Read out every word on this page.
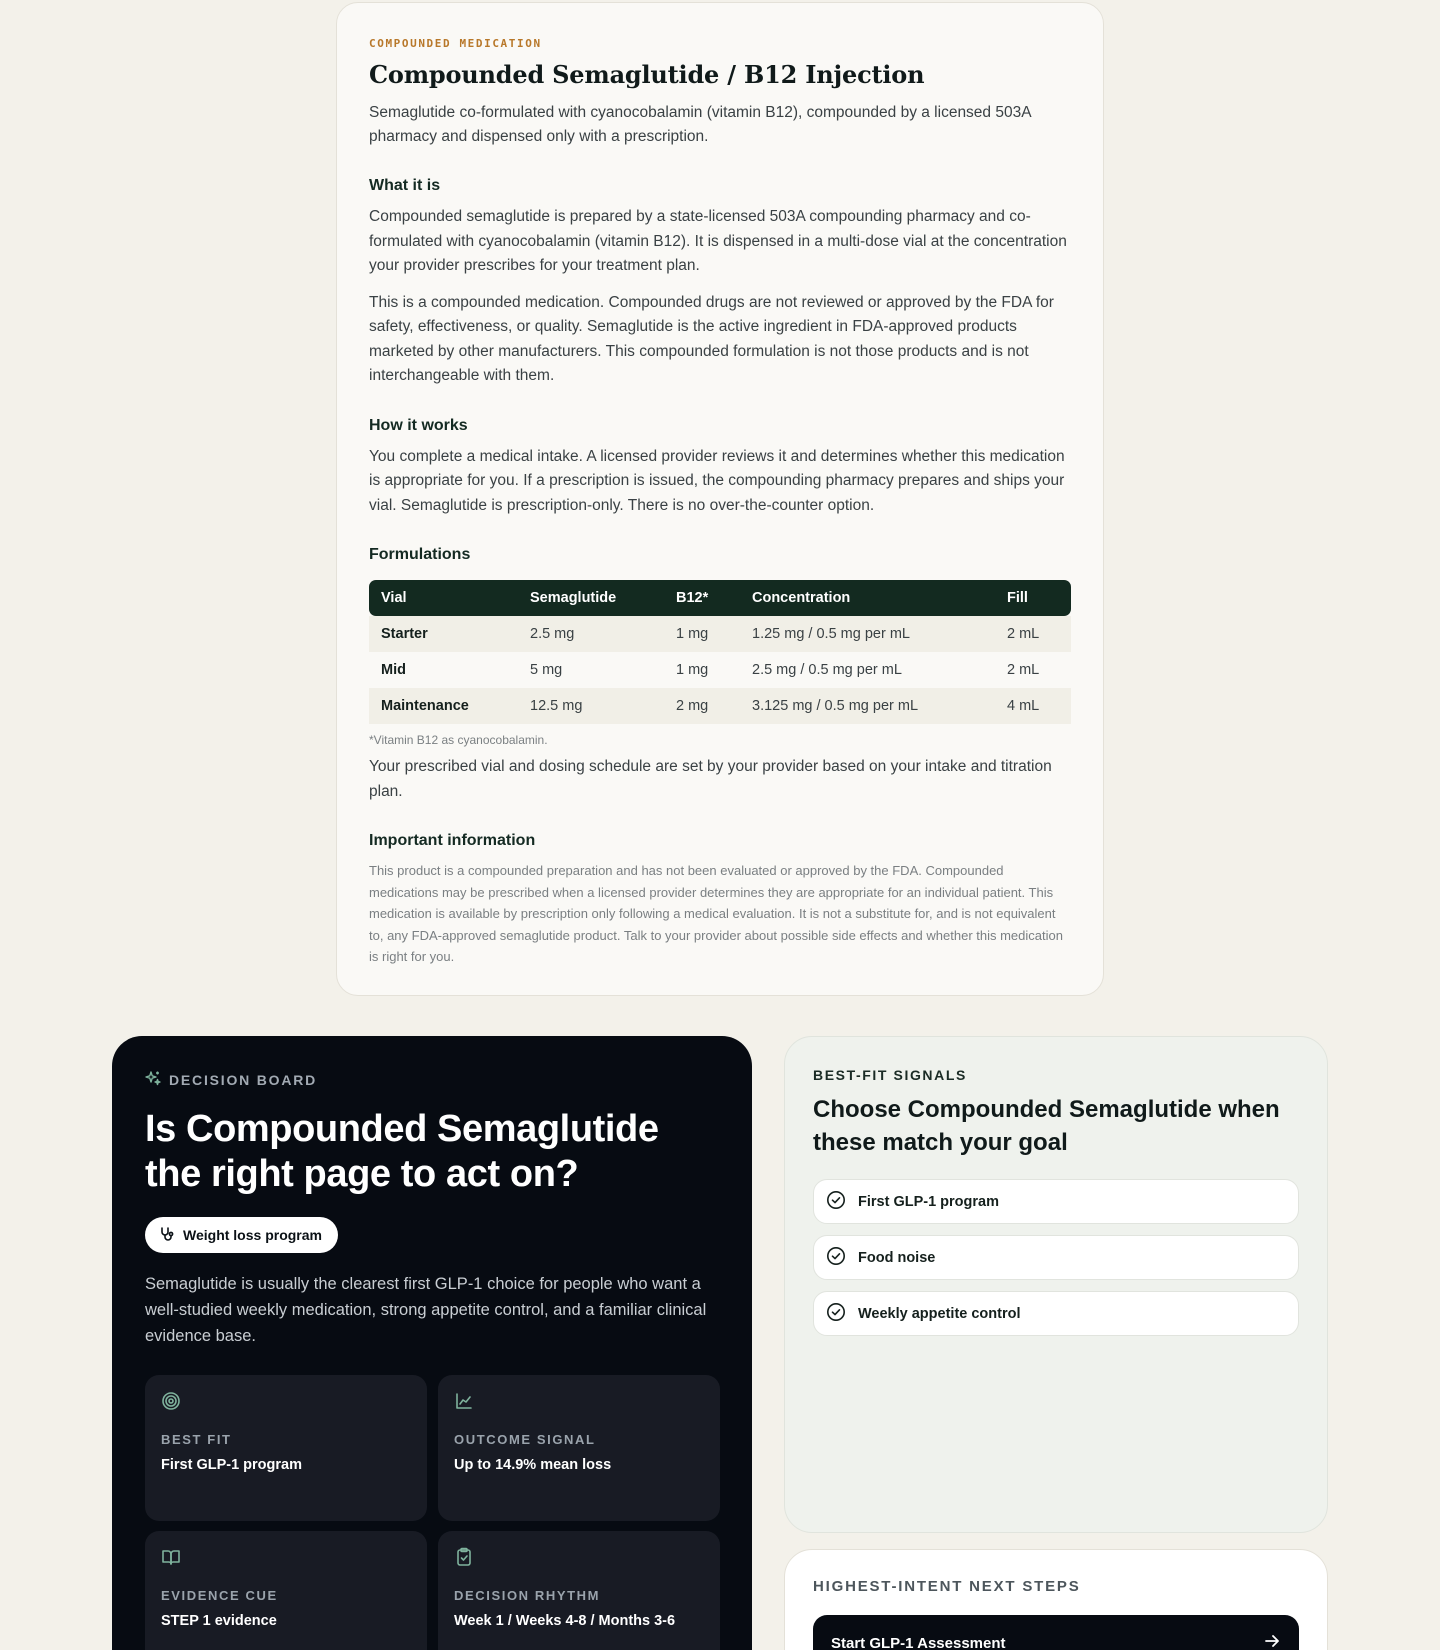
COMPOUNDED MEDICATION
Compounded Semaglutide / B12 Injection

Semaglutide co-formulated with cyanocobalamin (vitamin B12), compounded by a licensed 503A pharmacy and dispensed only with a prescription.

What it is

Compounded semaglutide is prepared by a state-licensed 503A compounding pharmacy and co-formulated with cyanocobalamin (vitamin B12). It is dispensed in a multi-dose vial at the concentration your provider prescribes for your treatment plan.

This is a compounded medication. Compounded drugs are not reviewed or approved by the FDA for safety, effectiveness, or quality. Semaglutide is the active ingredient in FDA-approved products marketed by other manufacturers. This compounded formulation is not those products and is not interchangeable with them.

How it works

You complete a medical intake. A licensed provider reviews it and determines whether this medication is appropriate for you. If a prescription is issued, the compounding pharmacy prepares and ships your vial. Semaglutide is prescription-only. There is no over-the-counter option.

Formulations
Vial	Semaglutide	B12*	Concentration	Fill
Starter	2.5 mg	1 mg	1.25 mg / 0.5 mg per mL	2 mL
Mid	5 mg	1 mg	2.5 mg / 0.5 mg per mL	2 mL
Maintenance	12.5 mg	2 mg	3.125 mg / 0.5 mg per mL	4 mL

*Vitamin B12 as cyanocobalamin.

Your prescribed vial and dosing schedule are set by your provider based on your intake and titration plan.

Important information

This product is a compounded preparation and has not been evaluated or approved by the FDA. Compounded medications may be prescribed when a licensed provider determines they are appropriate for an individual patient. This medication is available by prescription only following a medical evaluation. It is not a substitute for, and is not equivalent to, any FDA-approved semaglutide product. Talk to your provider about possible side effects and whether this medication is right for you.

DECISION BOARD
Is Compounded Semaglutide the right page to act on?
Weight loss program

Semaglutide is usually the clearest first GLP-1 choice for people who want a well-studied weekly medication, strong appetite control, and a familiar clinical evidence base.

BEST FIT
First GLP-1 program
OUTCOME SIGNAL
Up to 14.9% mean loss
EVIDENCE CUE
STEP 1 evidence
DECISION RHYTHM
Week 1 / Weeks 4-8 / Months 3-6
BEST-FIT SIGNALS
Choose Compounded Semaglutide when these match your goal
First GLP-1 program
Food noise
Weekly appetite control
HIGHEST-INTENT NEXT STEPS
Start GLP-1 Assessment
